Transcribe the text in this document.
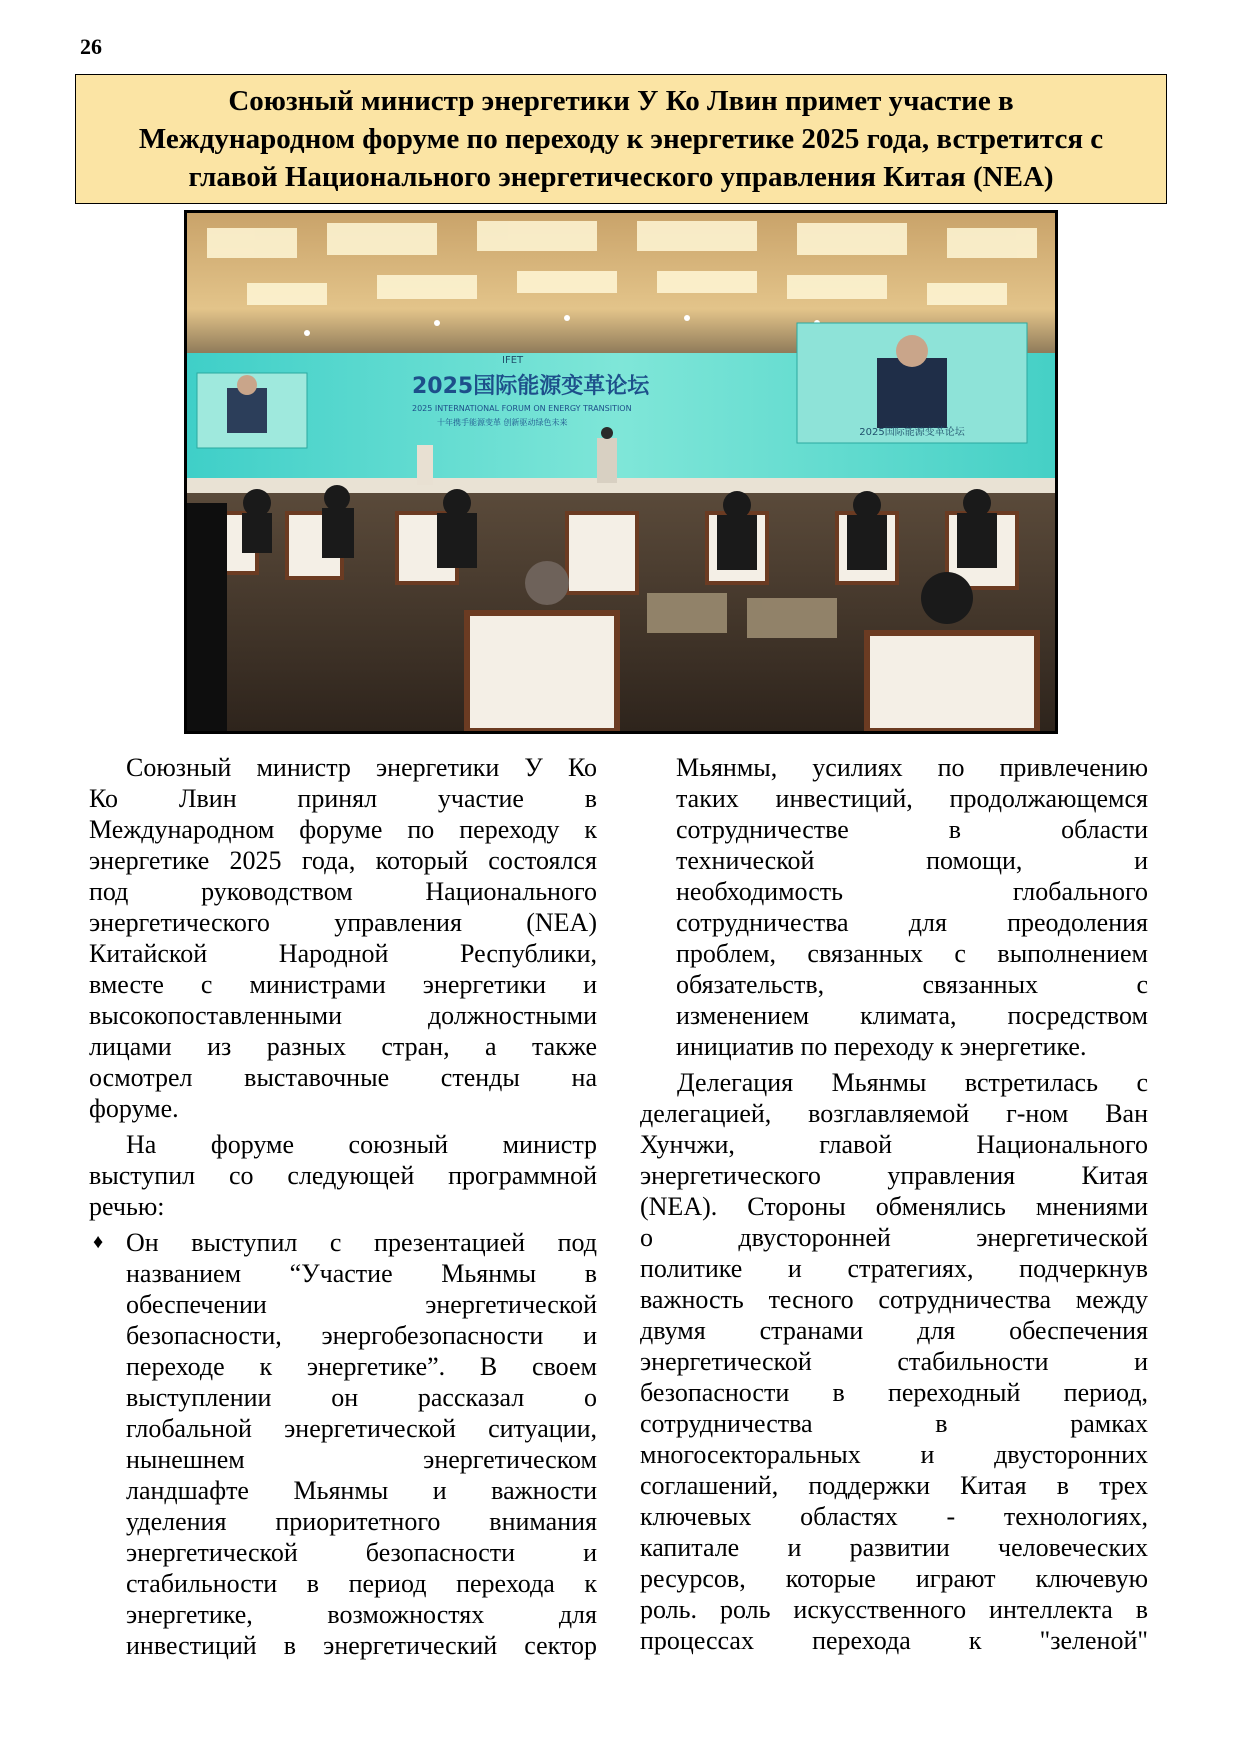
26
Союзный министр энергетики У Ко Лвин примет участие в
Международном форуме по переходу к энергетике 2025 года, встретится с
главой Национального энергетического управления Китая (NEA)
2025国际能源变革论坛
IFET
2025国际能源变革论坛
2025 INTERNATIONAL FORUM ON ENERGY TRANSITION
十年携手能源变革 创新驱动绿色未来
Союзный министр энергетики У Ко
Ко Лвин принял участие в
Международном форуме по переходу к
энергетике 2025 года, который состоялся
под руководством Национального
энергетического управления (NEA)
Китайской Народной Республики,
вместе с министрами энергетики и
высокопоставленными должностными
лицами из разных стран, а также
осмотрел выставочные стенды на
форуме.
На форуме союзный министр
выступил со следующей программной
речью:
♦ Он выступил с презентацией под
названием “Участие Мьянмы в
обеспечении энергетической
безопасности, энергобезопасности и
переходе к энергетике”. В своем
выступлении он рассказал о
глобальной энергетической ситуации,
нынешнем энергетическом
ландшафте Мьянмы и важности
уделения приоритетного внимания
энергетической безопасности и
стабильности в период перехода к
энергетике, возможностях для
инвестиций в энергетический сектор
Мьянмы, усилиях по привлечению
таких инвестиций, продолжающемся
сотрудничестве в области
технической помощи, и
необходимость глобального
сотрудничества для преодоления
проблем, связанных с выполнением
обязательств, связанных с
изменением климата, посредством
инициатив по переходу к энергетике.
Делегация Мьянмы встретилась с
делегацией, возглавляемой г-ном Ван
Хунчжи, главой Национального
энергетического управления Китая
(NEA). Стороны обменялись мнениями
о двусторонней энергетической
политике и стратегиях, подчеркнув
важность тесного сотрудничества между
двумя странами для обеспечения
энергетической стабильности и
безопасности в переходный период,
сотрудничества в рамках
многосекторальных и двусторонних
соглашений, поддержки Китая в трех
ключевых областях - технологиях,
капитале и развитии человеческих
ресурсов, которые играют ключевую
роль. роль искусственного интеллекта в
процессах перехода к "зеленой"
